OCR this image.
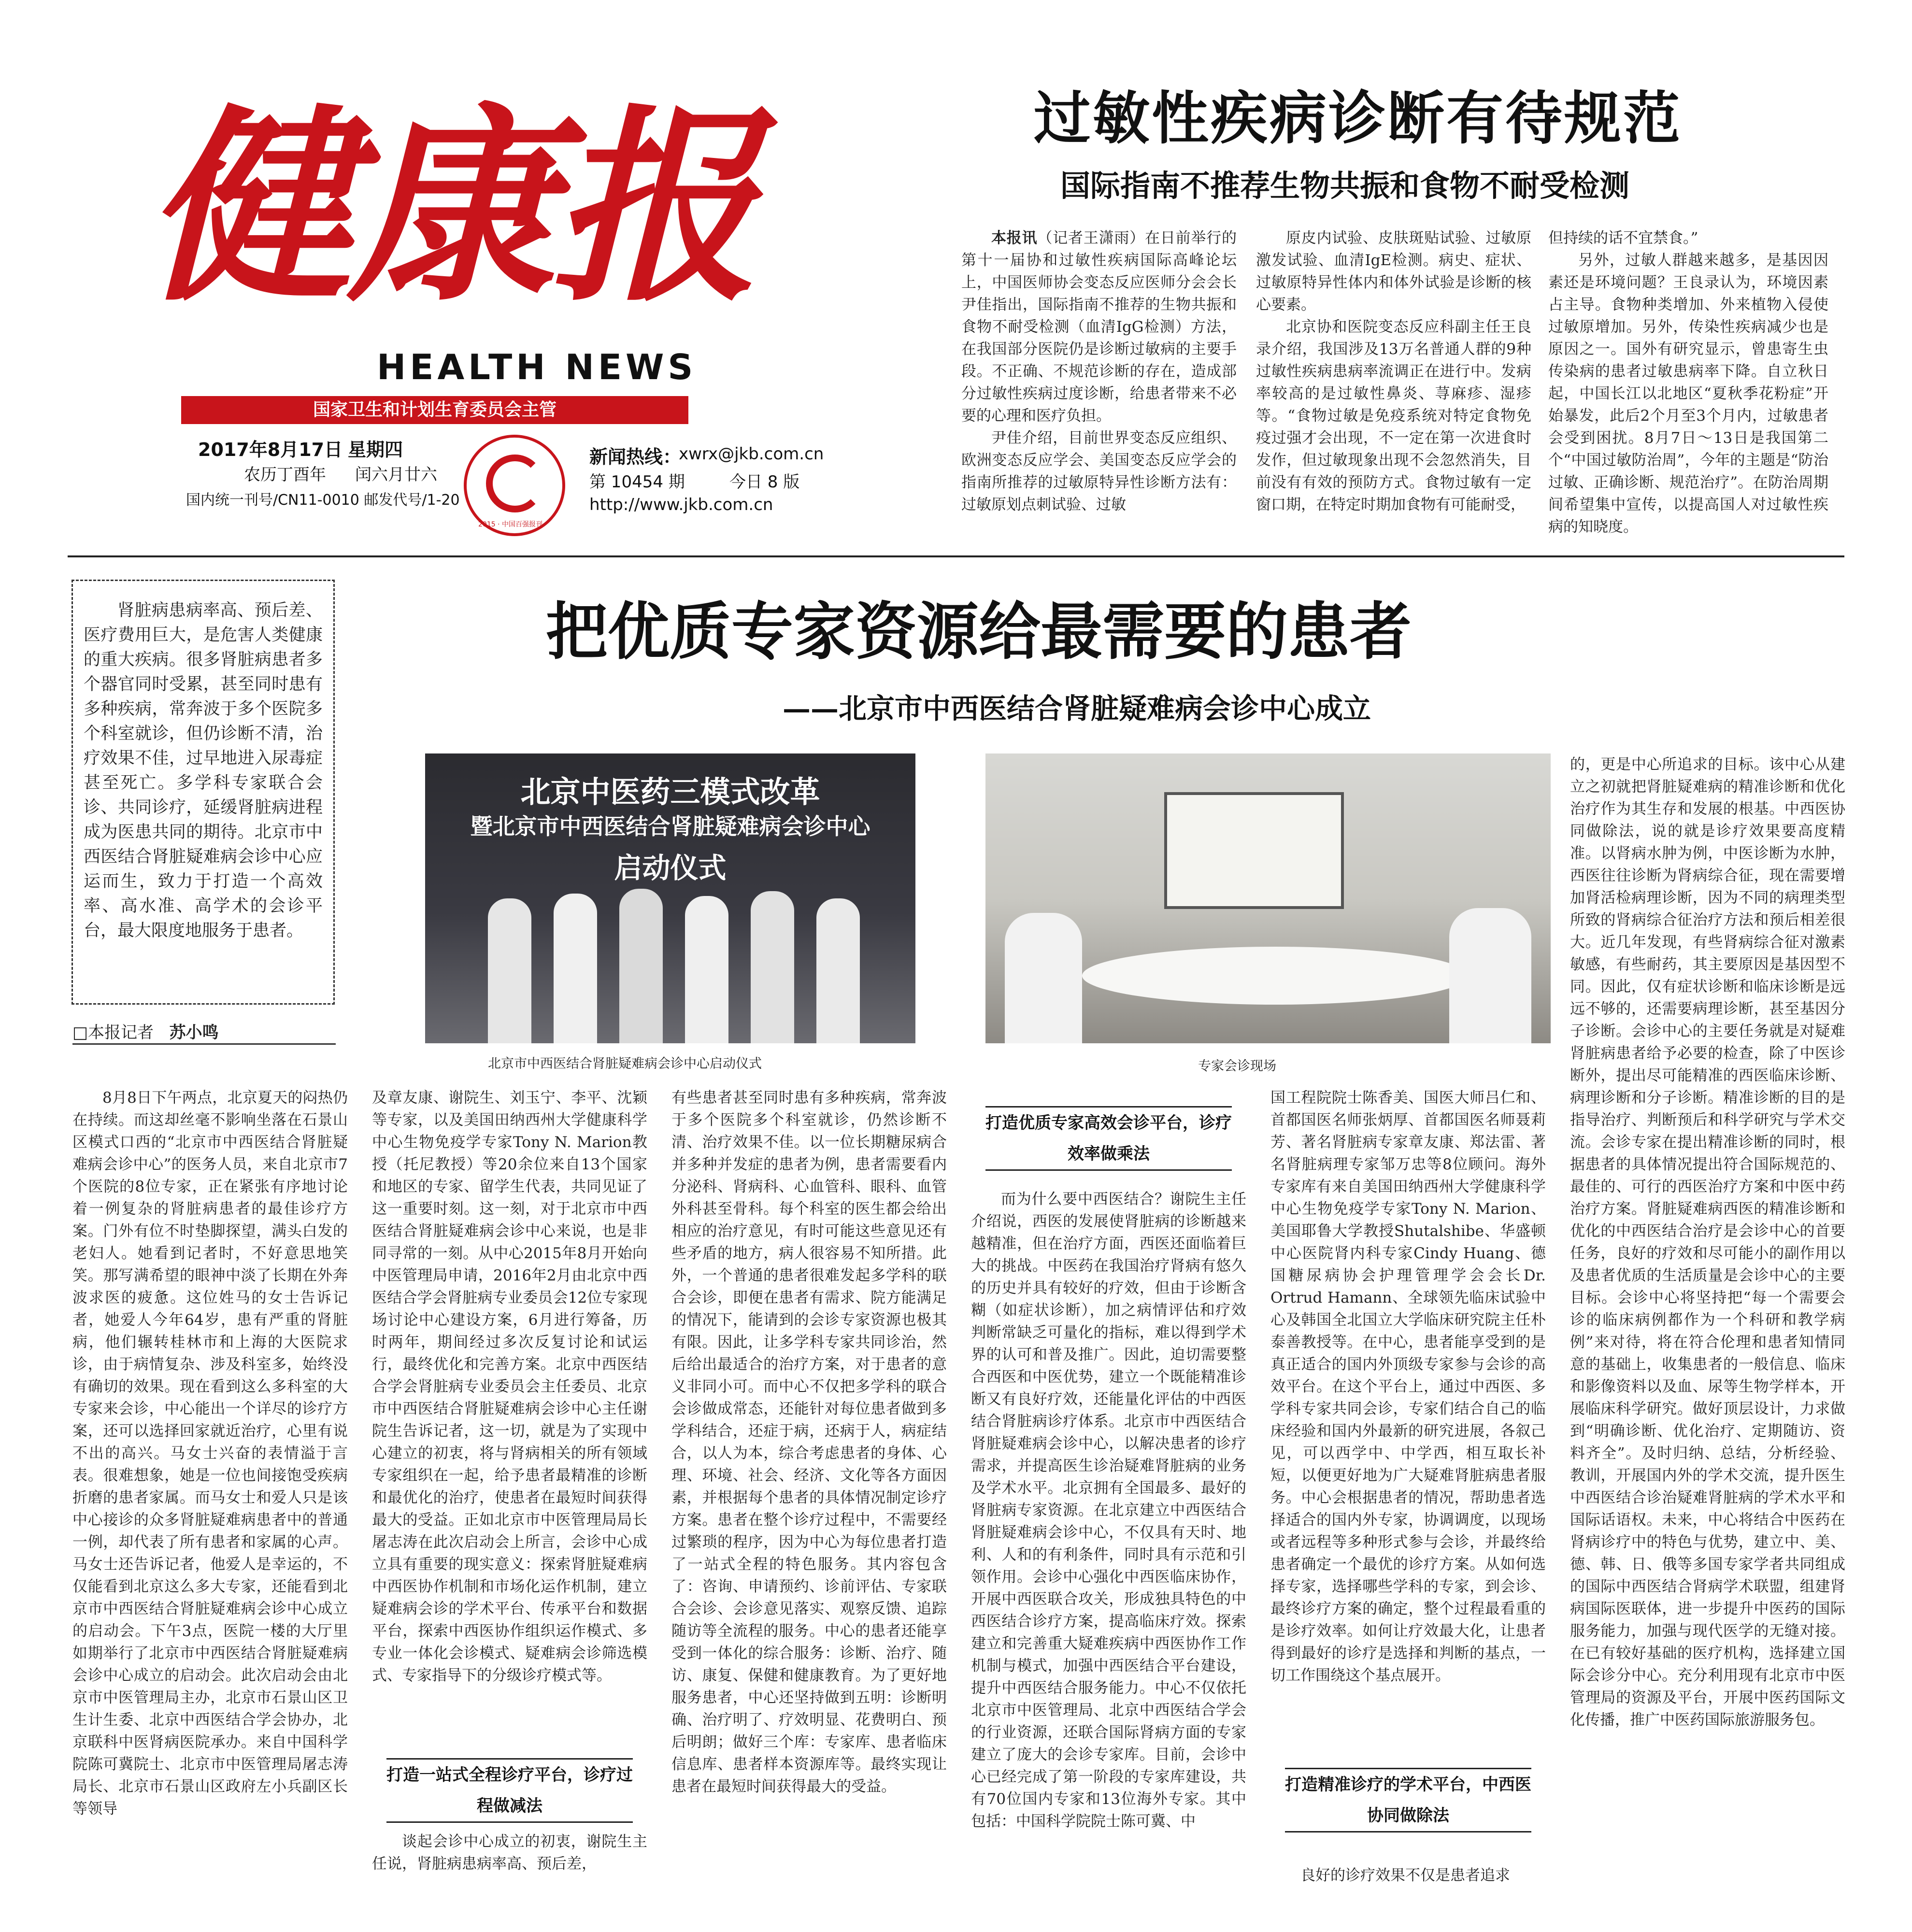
健康报
HEALTH NEWS
国家卫生和计划生育委员会主管
2017年8月17日 星期四
农历丁酉年 闰六月廿六
国内统一刊号/CN11-0010 邮发代号/1-20
2015 · 中国百强报刊
新闻热线：
xwrx@jkb.com.cn
第 10454 期	今日 8 版
http://www.jkb.com.cn
过敏性疾病诊断有待规范
国际指南不推荐生物共振和食物不耐受检测

本报讯（记者王潇雨）在日前举行的第十一届协和过敏性疾病国际高峰论坛上，中国医师协会变态反应医师分会会长尹佳指出，国际指南不推荐的生物共振和食物不耐受检测（血清IgG检测）方法，在我国部分医院仍是诊断过敏病的主要手段。不正确、不规范诊断的存在，造成部分过敏性疾病过度诊断，给患者带来不必要的心理和医疗负担。

尹佳介绍，目前世界变态反应组织、欧洲变态反应学会、美国变态反应学会的指南所推荐的过敏原特异性诊断方法有：过敏原划点刺试验、过敏

原皮内试验、皮肤斑贴试验、过敏原激发试验、血清IgE检测。病史、症状、过敏原特异性体内和体外试验是诊断的核心要素。

北京协和医院变态反应科副主任王良录介绍，我国涉及13万名普通人群的9种过敏性疾病患病率流调正在进行中。发病率较高的是过敏性鼻炎、荨麻疹、湿疹等。“食物过敏是免疫系统对特定食物免疫过强才会出现，不一定在第一次进食时发作，但过敏现象出现不会忽然消失，目前没有有效的预防方式。食物过敏有一定窗口期，在特定时期加食物有可能耐受，

但持续的话不宜禁食。”

另外，过敏人群越来越多，是基因因素还是环境问题？王良录认为，环境因素占主导。食物种类增加、外来植物入侵使过敏原增加。另外，传染性疾病减少也是原因之一。国外有研究显示，曾患寄生虫传染病的患者过敏患病率下降。自立秋日起，中国长江以北地区“夏秋季花粉症”开始暴发，此后2个月至3个月内，过敏患者会受到困扰。8月7日～13日是我国第二个“中国过敏防治周”，今年的主题是“防治过敏、正确诊断、规范治疗”。在防治周期间希望集中宣传，以提高国人对过敏性疾病的知晓度。

肾脏病患病率高、预后差、医疗费用巨大，是危害人类健康的重大疾病。很多肾脏病患者多个器官同时受累，甚至同时患有多种疾病，常奔波于多个医院多个科室就诊，但仍诊断不清，治疗效果不佳，过早地进入尿毒症甚至死亡。多学科专家联合会诊、共同诊疗，延缓肾脏病进程成为医患共同的期待。北京市中西医结合肾脏疑难病会诊中心应运而生，致力于打造一个高效率、高水准、高学术的会诊平台，最大限度地服务于患者。
□本报记者 苏小鸣
把优质专家资源给最需要的患者
——北京市中西医结合肾脏疑难病会诊中心成立
北京中医药三模式改革
暨北京市中西医结合肾脏疑难病会诊中心
启动仪式
北京市中西医结合肾脏疑难病会诊中心启动仪式	专家会诊现场

8月8日下午两点，北京夏天的闷热仍在持续。而这却丝毫不影响坐落在石景山区模式口西的“北京市中西医结合肾脏疑难病会诊中心”的医务人员，来自北京市7个医院的8位专家，正在紧张有序地讨论着一例复杂的肾脏病患者的最佳诊疗方案。门外有位不时垫脚探望，满头白发的老妇人。她看到记者时，不好意思地笑笑。那写满希望的眼神中淡了长期在外奔波求医的疲惫。这位姓马的女士告诉记者，她爱人今年64岁，患有严重的肾脏病，他们辗转桂林市和上海的大医院求诊，由于病情复杂、涉及科室多，始终没有确切的效果。现在看到这么多科室的大专家来会诊，中心能出一个详尽的诊疗方案，还可以选择回家就近治疗，心里有说不出的高兴。马女士兴奋的表情溢于言表。很难想象，她是一位也间接饱受疾病折磨的患者家属。而马女士和爱人只是该中心接诊的众多肾脏疑难病患者中的普通一例，却代表了所有患者和家属的心声。马女士还告诉记者，他爱人是幸运的，不仅能看到北京这么多大专家，还能看到北京市中西医结合肾脏疑难病会诊中心成立的启动会。下午3点，医院一楼的大厅里如期举行了北京市中西医结合肾脏疑难病会诊中心成立的启动会。此次启动会由北京市中医管理局主办，北京市石景山区卫生计生委、北京中西医结合学会协办，北京联科中医肾病医院承办。来自中国科学院陈可冀院士、北京市中医管理局屠志涛局长、北京市石景山区政府左小兵副区长等领导

及章友康、谢院生、刘玉宁、李平、沈颖等专家，以及美国田纳西州大学健康科学中心生物免疫学专家Tony N. Marion教授（托尼教授）等20余位来自13个国家和地区的专家、留学生代表，共同见证了这一重要时刻。这一刻，对于北京市中西医结合肾脏疑难病会诊中心来说，也是非同寻常的一刻。从中心2015年8月开始向中医管理局申请，2016年2月由北京中西医结合学会肾脏病专业委员会12位专家现场讨论中心建设方案，6月进行筹备，历时两年，期间经过多次反复讨论和试运行，最终优化和完善方案。北京中西医结合学会肾脏病专业委员会主任委员、北京市中西医结合肾脏疑难病会诊中心主任谢院生告诉记者，这一切，就是为了实现中心建立的初衷，将与肾病相关的所有领域专家组织在一起，给予患者最精准的诊断和最优化的治疗，使患者在最短时间获得最大的受益。正如北京市中医管理局局长屠志涛在此次启动会上所言，会诊中心成立具有重要的现实意义：探索肾脏疑难病中西医协作机制和市场化运作机制，建立疑难病会诊的学术平台、传承平台和数据平台，探索中西医协作组织运作模式、多专业一体化会诊模式、疑难病会诊筛选模式、专家指导下的分级诊疗模式等。

打造一站式全程诊疗平台，诊疗过程做减法

谈起会诊中心成立的初衷，谢院生主任说，肾脏病患病率高、预后差，

有些患者甚至同时患有多种疾病，常奔波于多个医院多个科室就诊，仍然诊断不清、治疗效果不佳。以一位长期糖尿病合并多种并发症的患者为例，患者需要看内分泌科、肾病科、心血管科、眼科、血管外科甚至骨科。每个科室的医生都会给出相应的治疗意见，有时可能这些意见还有些矛盾的地方，病人很容易不知所措。此外，一个普通的患者很难发起多学科的联合会诊，即便在患者有需求、院方能满足的情况下，能请到的会诊专家资源也极其有限。因此，让多学科专家共同诊治，然后给出最适合的治疗方案，对于患者的意义非同小可。而中心不仅把多学科的联合会诊做成常态，还能针对每位患者做到多学科结合，还症于病，还病于人，病症结合，以人为本，综合考虑患者的身体、心理、环境、社会、经济、文化等各方面因素，并根据每个患者的具体情况制定诊疗方案。患者在整个诊疗过程中，不需要经过繁琐的程序，因为中心为每位患者打造了一站式全程的特色服务。其内容包含了：咨询、申请预约、诊前评估、专家联合会诊、会诊意见落实、观察反馈、追踪随访等全流程的服务。中心的患者还能享受到一体化的综合服务：诊断、治疗、随访、康复、保健和健康教育。为了更好地服务患者，中心还坚持做到五明：诊断明确、治疗明了、疗效明显、花费明白、预后明朗；做好三个库：专家库、患者临床信息库、患者样本资源库等。最终实现让患者在最短时间获得最大的受益。

打造优质专家高效会诊平台，诊疗效率做乘法

而为什么要中西医结合？谢院生主任介绍说，西医的发展使肾脏病的诊断越来越精准，但在治疗方面，西医还面临着巨大的挑战。中医药在我国治疗肾病有悠久的历史并具有较好的疗效，但由于诊断含糊（如症状诊断），加之病情评估和疗效判断常缺乏可量化的指标，难以得到学术界的认可和普及推广。因此，迫切需要整合西医和中医优势，建立一个既能精准诊断又有良好疗效，还能量化评估的中西医结合肾脏病诊疗体系。北京市中西医结合肾脏疑难病会诊中心，以解决患者的诊疗需求，并提高医生诊治疑难肾脏病的业务及学术水平。北京拥有全国最多、最好的肾脏病专家资源。在北京建立中西医结合肾脏疑难病会诊中心，不仅具有天时、地利、人和的有利条件，同时具有示范和引领作用。会诊中心强化中西医临床协作，开展中西医联合攻关，形成独具特色的中西医结合诊疗方案，提高临床疗效。探索建立和完善重大疑难疾病中西医协作工作机制与模式，加强中西医结合平台建设，提升中西医结合服务能力。中心不仅依托北京市中医管理局、北京中西医结合学会的行业资源，还联合国际肾病方面的专家建立了庞大的会诊专家库。目前，会诊中心已经完成了第一阶段的专家库建设，共有70位国内专家和13位海外专家。其中包括：中国科学院院士陈可冀、中

国工程院院士陈香美、国医大师吕仁和、首都国医名师张炳厚、首都国医名师聂莉芳、著名肾脏病专家章友康、郑法雷、著名肾脏病理专家邹万忠等8位顾问。海外专家库有来自美国田纳西州大学健康科学中心生物免疫学专家Tony N. Marion、美国耶鲁大学教授Shutalshibe、华盛顿中心医院肾内科专家Cindy Huang、德国糖尿病协会护理管理学会会长Dr. Ortrud Hamann、全球领先临床试验中心及韩国全北国立大学临床研究院主任朴泰善教授等。在中心，患者能享受到的是真正适合的国内外顶级专家参与会诊的高效平台。在这个平台上，通过中西医、多学科专家共同会诊，专家们结合自己的临床经验和国内外最新的研究进展，各叙己见，可以西学中、中学西，相互取长补短，以便更好地为广大疑难肾脏病患者服务。中心会根据患者的情况，帮助患者选择适合的国内外专家，协调调度，以现场或者远程等多种形式参与会诊，并最终给患者确定一个最优的诊疗方案。从如何选择专家，选择哪些学科的专家，到会诊、最终诊疗方案的确定，整个过程最看重的是诊疗效率。如何让疗效最大化，让患者得到最好的诊疗是选择和判断的基点，一切工作围绕这个基点展开。

打造精准诊疗的学术平台，中西医协同做除法

良好的诊疗效果不仅是患者追求

的，更是中心所追求的目标。该中心从建立之初就把肾脏疑难病的精准诊断和优化治疗作为其生存和发展的根基。中西医协同做除法，说的就是诊疗效果要高度精准。以肾病水肿为例，中医诊断为水肿，西医往往诊断为肾病综合征，现在需要增加肾活检病理诊断，因为不同的病理类型所致的肾病综合征治疗方法和预后相差很大。近几年发现，有些肾病综合征对激素敏感，有些耐药，其主要原因是基因型不同。因此，仅有症状诊断和临床诊断是远远不够的，还需要病理诊断，甚至基因分子诊断。会诊中心的主要任务就是对疑难肾脏病患者给予必要的检查，除了中医诊断外，提出尽可能精准的西医临床诊断、病理诊断和分子诊断。精准诊断的目的是指导治疗、判断预后和科学研究与学术交流。会诊专家在提出精准诊断的同时，根据患者的具体情况提出符合国际规范的、最佳的、可行的西医治疗方案和中医中药治疗方案。肾脏疑难病西医的精准诊断和优化的中西医结合治疗是会诊中心的首要任务，良好的疗效和尽可能小的副作用以及患者优质的生活质量是会诊中心的主要目标。会诊中心将坚持把“每一个需要会诊的临床病例都作为一个科研和教学病例”来对待，将在符合伦理和患者知情同意的基础上，收集患者的一般信息、临床和影像资料以及血、尿等生物学样本，开展临床科学研究。做好顶层设计，力求做到“明确诊断、优化治疗、定期随访、资料齐全”。及时归纳、总结，分析经验、教训，开展国内外的学术交流，提升医生中西医结合诊治疑难肾脏病的学术水平和国际话语权。未来，中心将结合中医药在肾病诊疗中的特色与优势，建立中、美、德、韩、日、俄等多国专家学者共同组成的国际中西医结合肾病学术联盟，组建肾病国际医联体，进一步提升中医药的国际服务能力，加强与现代医学的无缝对接。在已有较好基础的医疗机构，选择建立国际会诊分中心。充分利用现有北京市中医管理局的资源及平台，开展中医药国际文化传播，推广中医药国际旅游服务包。
